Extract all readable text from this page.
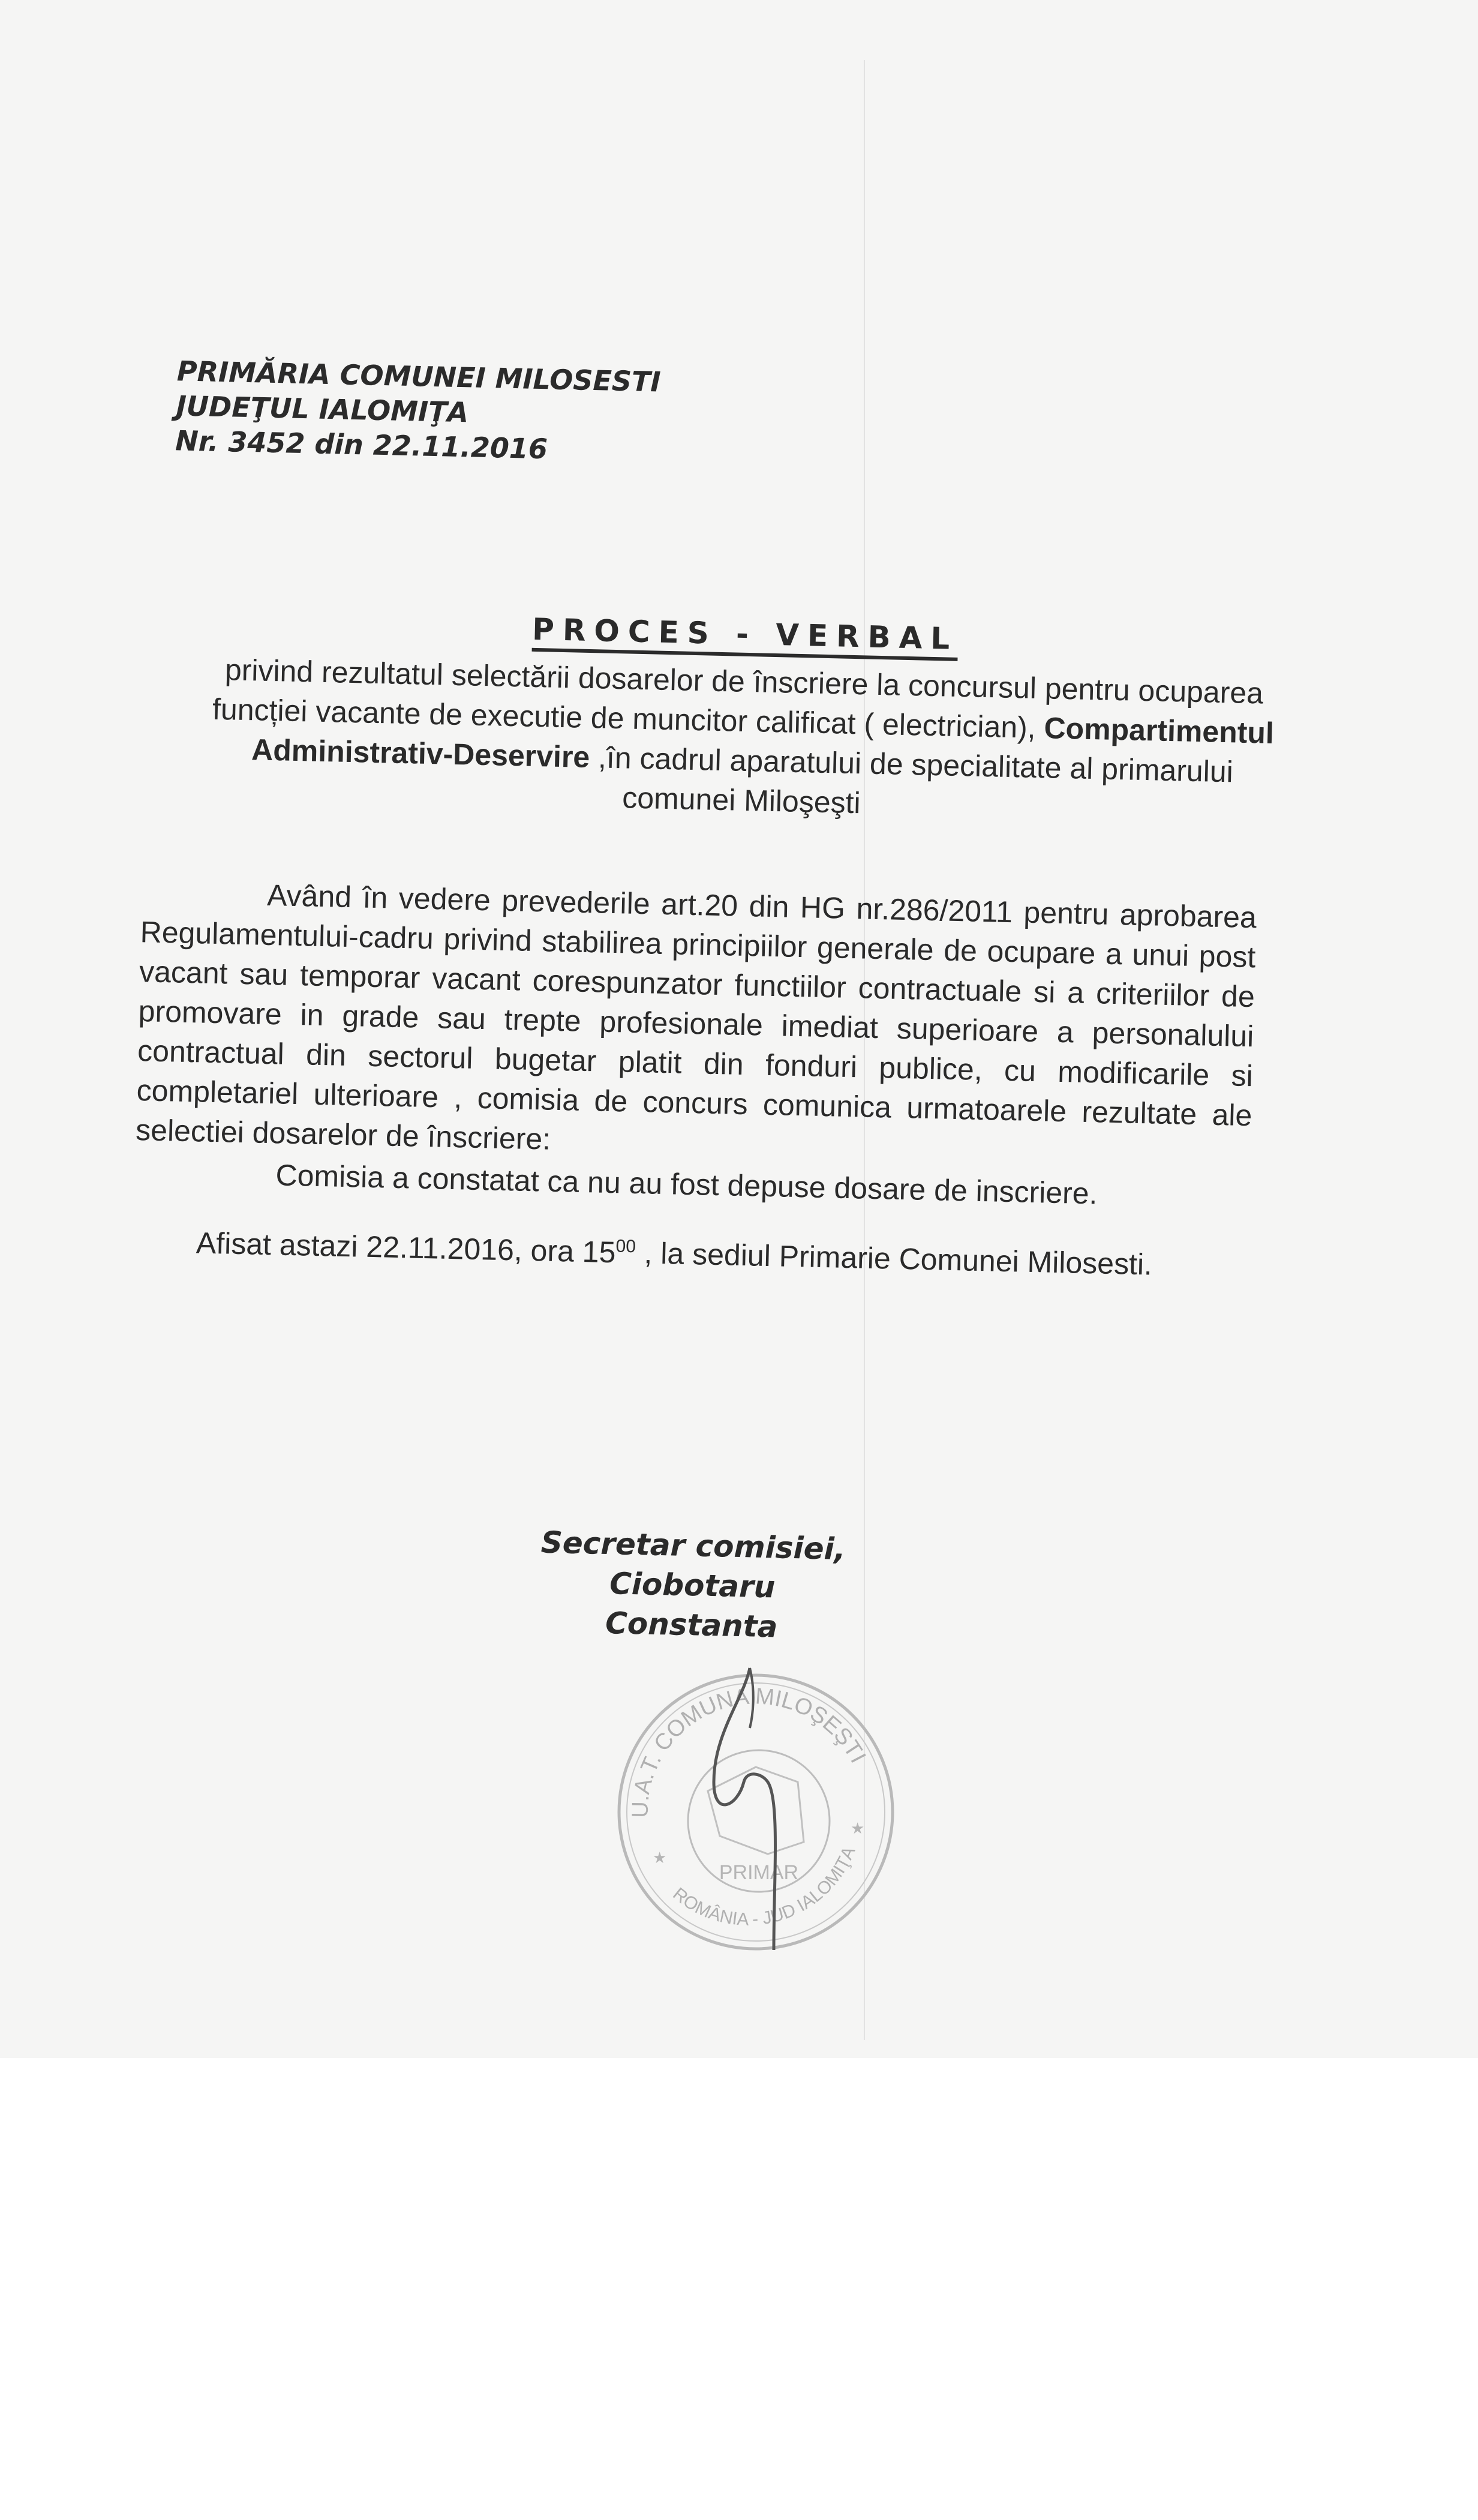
PRIMĂRIA COMUNEI MILOSESTI
JUDEŢUL IALOMIŢA
Nr. 3452 din 22.11.2016
PROCES - VERBAL
privind rezultatul selectării dosarelor de înscriere la concursul pentru ocuparea funcției vacante de executie de muncitor calificat ( electrician), Compartimentul Administrativ-Deservire ,în cadrul aparatului de specialitate al primarului comunei Miloşeşti

Având în vedere prevederile art.20 din HG nr.286/2011 pentru aprobarea Regulamentului-cadru privind stabilirea principiilor generale de ocupare a unui post vacant sau temporar vacant corespunzator functiilor contractuale si a criteriilor de promovare in grade sau trepte profesionale imediat superioare a personalului contractual din sectorul bugetar platit din fonduri publice, cu modificarile si completariel ulterioare , comisia de concurs comunica urmatoarele rezultate ale selectiei dosarelor de înscriere:

Comisia a constatat ca nu au fost depuse dosare de inscriere.
Afisat astazi 22.11.2016, ora $15^{00}$ , la sediul Primarie Comunei Milosesti.
Secretar comisiei,
Ciobotaru Constanta
U.A.T. COMUNA MILOŞEŞTI
ROMÂNIA - JUD IALOMIŢA
PRIMAR
★
★
